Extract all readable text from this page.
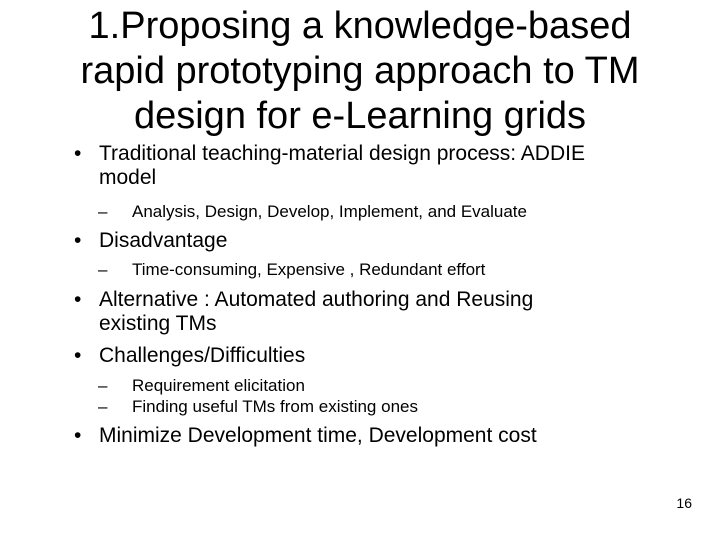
1.Proposing a knowledge-based
rapid prototyping approach to TM
design for e-Learning grids
• Traditional teaching-material design process: ADDIE
model
–	Analysis, Design, Develop, Implement, and Evaluate
• Disadvantage
–	Time-consuming, Expensive , Redundant effort
• Alternative : Automated authoring and Reusing
existing TMs
• Challenges/Difficulties
–	Requirement elicitation
–	Finding useful TMs from existing ones
• Minimize Development time, Development cost
16
